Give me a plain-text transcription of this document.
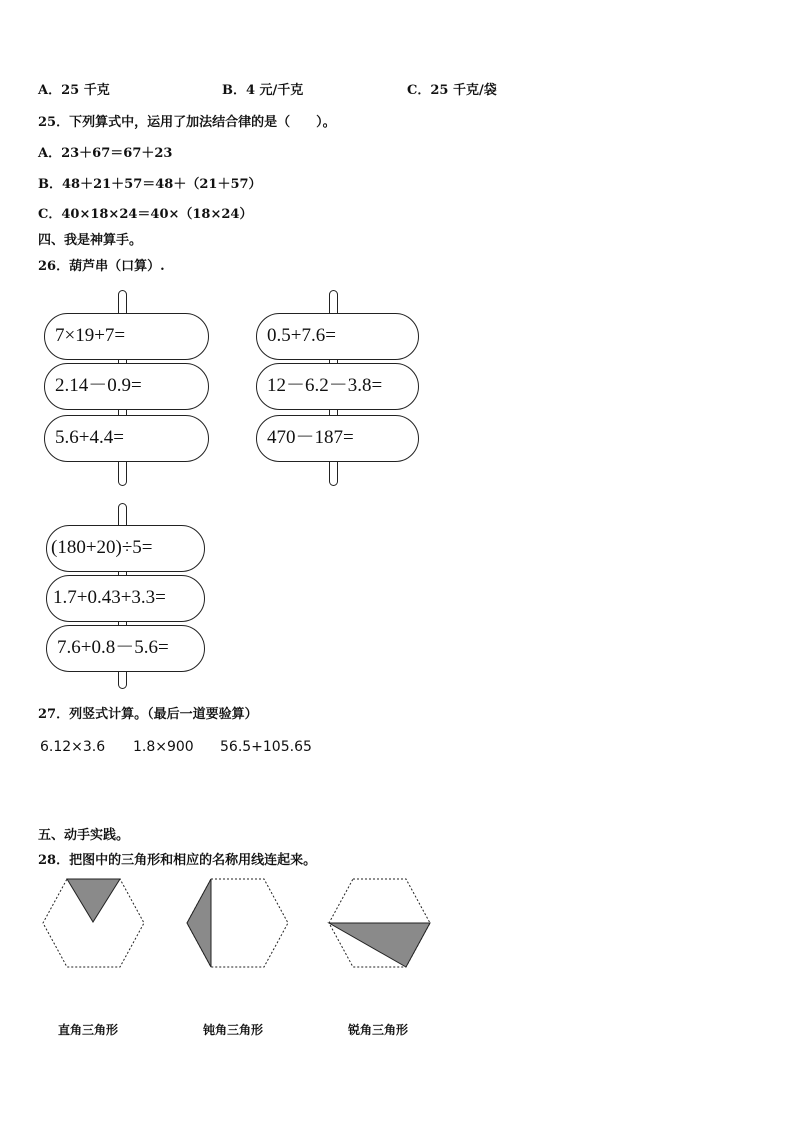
A．25 千克	B．4 元/千克	C．25 千克/袋
25．下列算式中，运用了加法结合律的是（　　）。
A．23＋67＝67＋23
B．48＋21＋57＝48＋（21＋57）
C．40×18×24＝40×（18×24）
四、我是神算手。
26．葫芦串（口算）.
7×19+7=
2.14－0.9=
5.6+4.4=
0.5+7.6=
12－6.2－3.8=
470－187=
(180+20)÷5=
1.7+0.43+3.3=
7.6+0.8－5.6=
27．列竖式计算。（最后一道要验算）
6.12×3.6 1.8×900 56.5+105.65
五、动手实践。
28．把图中的三角形和相应的名称用线连起来。
直角三角形	钝角三角形	锐角三角形
